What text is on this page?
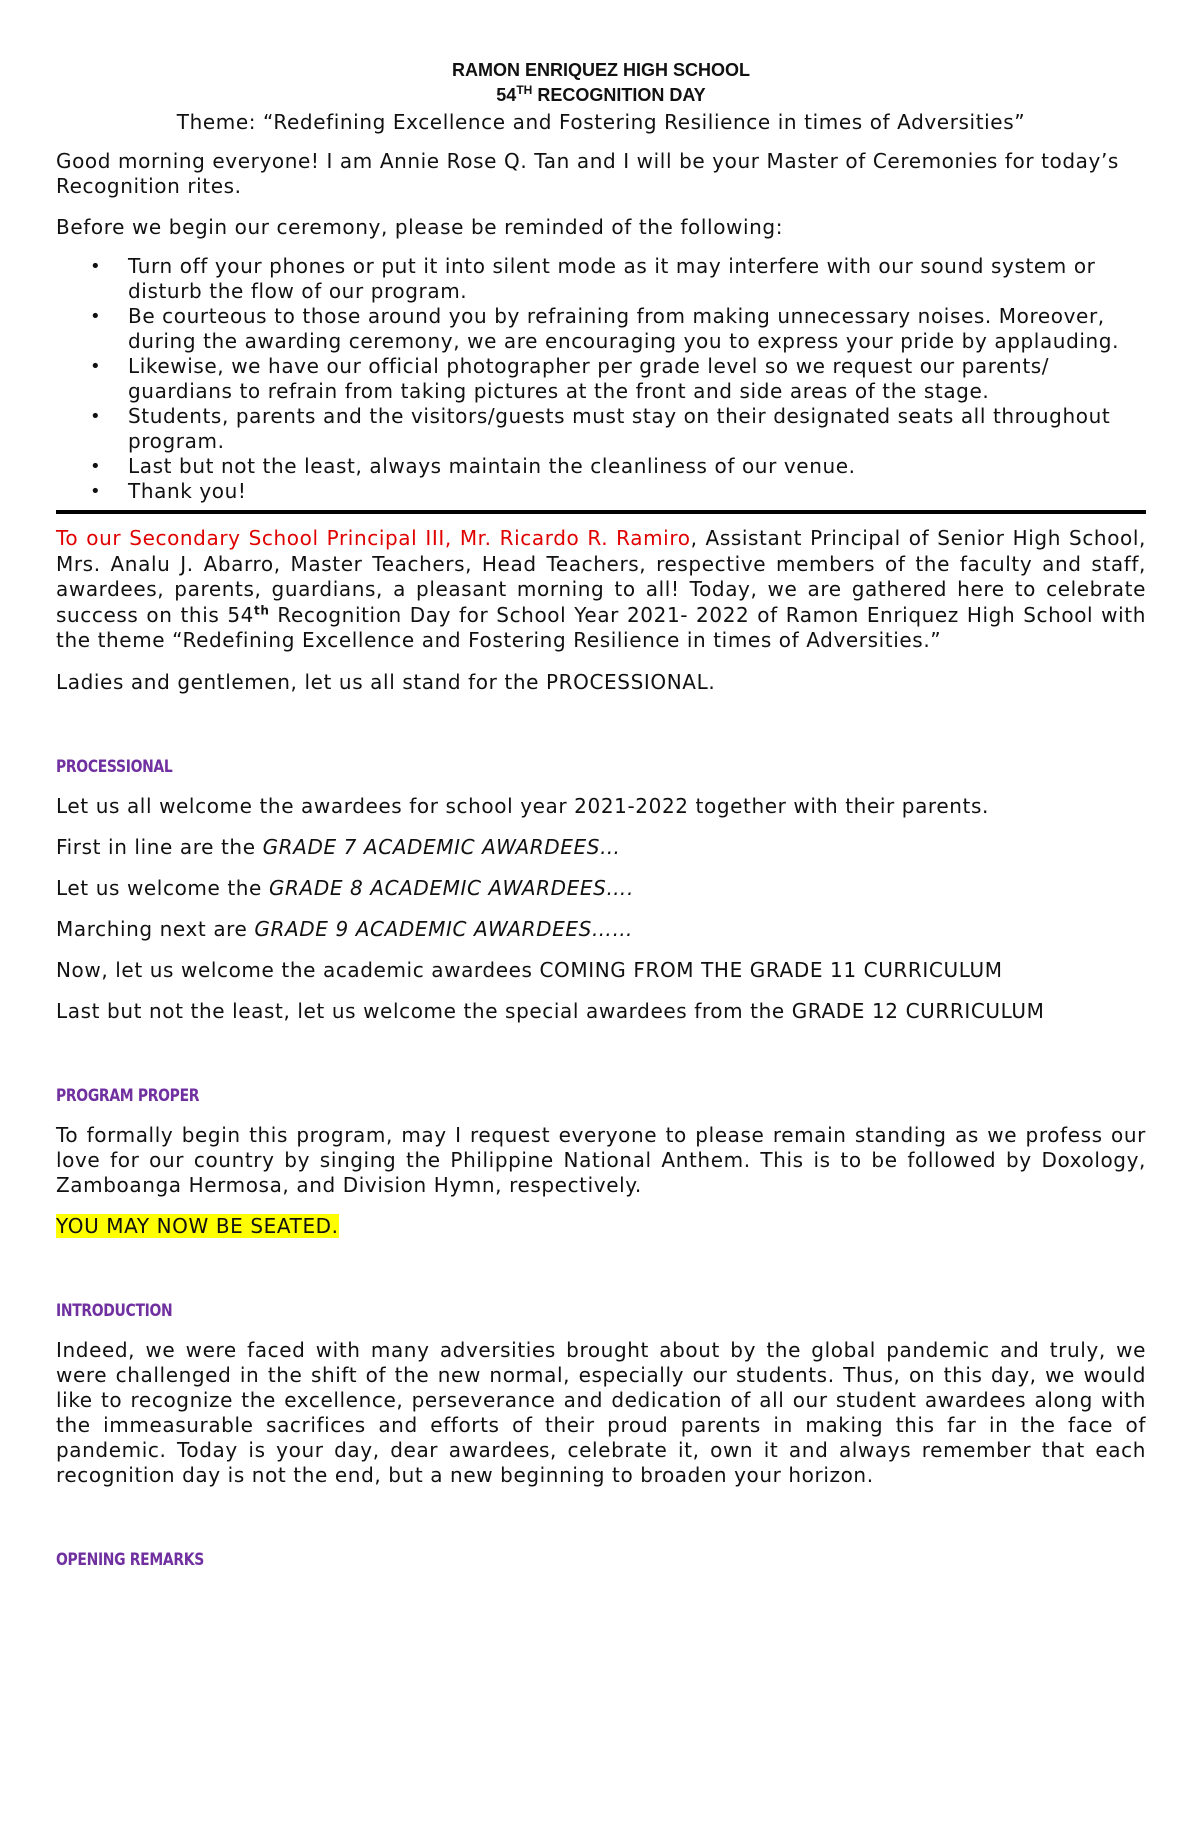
RAMON ENRIQUEZ HIGH SCHOOL
54TH RECOGNITION DAY
Theme: “Redefining Excellence and Fostering Resilience in times of Adversities”

Good morning everyone! I am Annie Rose Q. Tan and I will be your Master of Ceremonies for today’s Recognition rites.

Before we begin our ceremony, please be reminded of the following:

• Turn off your phones or put it into silent mode as it may interfere with our sound system or disturb the flow of our program.
• Be courteous to those around you by refraining from making unnecessary noises. Moreover, during the awarding ceremony, we are encouraging you to express your pride by applauding.
• Likewise, we have our official photographer per grade level so we request our parents/ guardians to refrain from taking pictures at the front and side areas of the stage.
• Students, parents and the visitors/guests must stay on their designated seats all throughout program.
• Last but not the least, always maintain the cleanliness of our venue.
• Thank you!

To our Secondary School Principal III, Mr. Ricardo R. Ramiro, Assistant Principal of Senior High School, Mrs. Analu J. Abarro, Master Teachers, Head Teachers, respective members of the faculty and staff, awardees, parents, guardians, a pleasant morning to all! Today, we are gathered here to celebrate success on this 54th Recognition Day for School Year 2021- 2022 of Ramon Enriquez High School with the theme “Redefining Excellence and Fostering Resilience in times of Adversities.”

Ladies and gentlemen, let us all stand for the PROCESSIONAL.

PROCESSIONAL

Let us all welcome the awardees for school year 2021-2022 together with their parents.

First in line are the GRADE 7 ACADEMIC AWARDEES…

Let us welcome the GRADE 8 ACADEMIC AWARDEES….

Marching next are GRADE 9 ACADEMIC AWARDEES……

Now, let us welcome the academic awardees COMING FROM THE GRADE 11 CURRICULUM

Last but not the least, let us welcome the special awardees from the GRADE 12 CURRICULUM

PROGRAM PROPER

To formally begin this program, may I request everyone to please remain standing as we profess our love for our country by singing the Philippine National Anthem. This is to be followed by Doxology, Zamboanga Hermosa, and Division Hymn, respectively.

YOU MAY NOW BE SEATED.

INTRODUCTION

Indeed, we were faced with many adversities brought about by the global pandemic and truly, we were challenged in the shift of the new normal, especially our students. Thus, on this day, we would like to recognize the excellence, perseverance and dedication of all our student awardees along with the immeasurable sacrifices and efforts of their proud parents in making this far in the face of pandemic. Today is your day, dear awardees, celebrate it, own it and always remember that each recognition day is not the end, but a new beginning to broaden your horizon.

OPENING REMARKS
